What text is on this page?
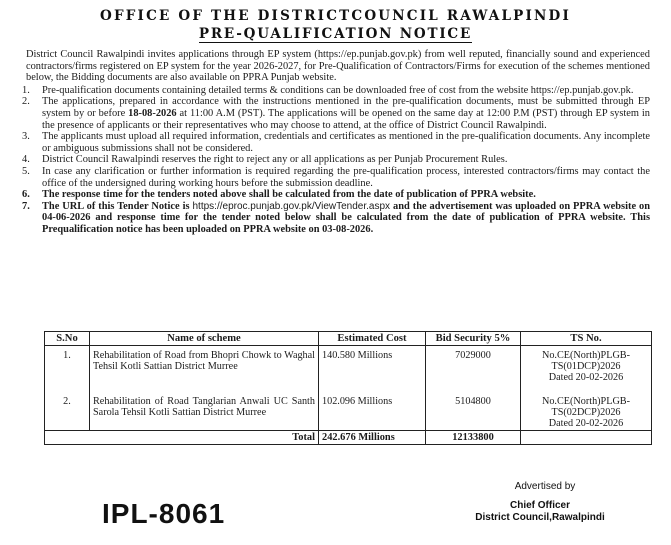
OFFICE OF THE DISTRICTCOUNCIL RAWALPINDI
PRE-QUALIFICATION NOTICE

District Council Rawalpindi invites applications through EP system (https://ep.punjab.gov.pk) from well reputed, financially sound and experienced contractors/firms registered on EP system for the year 2026-2027, for Pre-Qualification of Contractors/Firms for execution of the schemes mentioned below, the Bidding documents are also available on PPRA Punjab website.

1.	Pre-qualification documents containing detailed terms & conditions can be downloaded free of cost from the website https://ep.punjab.gov.pk.
2.	The applications, prepared in accordance with the instructions mentioned in the pre-qualification documents, must be submitted through EP system by or before 18-08-2026 at 11:00 A.M (PST). The applications will be opened on the same day at 12:00 P.M (PST) through EP system in the presence of applicants or their representatives who may choose to attend, at the office of District Council Rawalpindi.
3.	The applicants must upload all required information, credentials and certificates as mentioned in the pre-qualification documents. Any incomplete or ambiguous submissions shall not be considered.
4.	District Council Rawalpindi reserves the right to reject any or all applications as per Punjab Procurement Rules.
5.	In case any clarification or further information is required regarding the pre-qualification process, interested contractors/firms may contact the office of the undersigned during working hours before the submission deadline.
6.	The response time for the tenders noted above shall be calculated from the date of publication of PPRA website.
7.	The URL of this Tender Notice is https://eproc.punjab.gov.pk/ViewTender.aspx and the advertisement was uploaded on PPRA website on 04-06-2026 and response time for the tender noted below shall be calculated from the date of publication of PPRA website. This Prequalification notice has been uploaded on PPRA website on 03-08-2026.
S.No	Name of scheme	Estimated Cost	Bid Security 5%	TS No.
1.	Rehabilitation of Road from Bhopri Chowk to Waghal Tehsil Kotli Sattian District Murree	140.580 Millions	7029000	No.CE(North)PLGB-TS(01DCP)2026
Dated 20-02-2026

2.	Rehabilitation of Road Tanglarian Anwali UC Santh Sarola Tehsil Kotli Sattian District Murree	102.096 Millions	5104800	No.CE(North)PLGB-TS(02DCP)2026
Dated 20-02-2026

Total		242.676 Millions	12133800	
IPL-8061
Advertised by
Chief Officer
District Council,Rawalpindi
